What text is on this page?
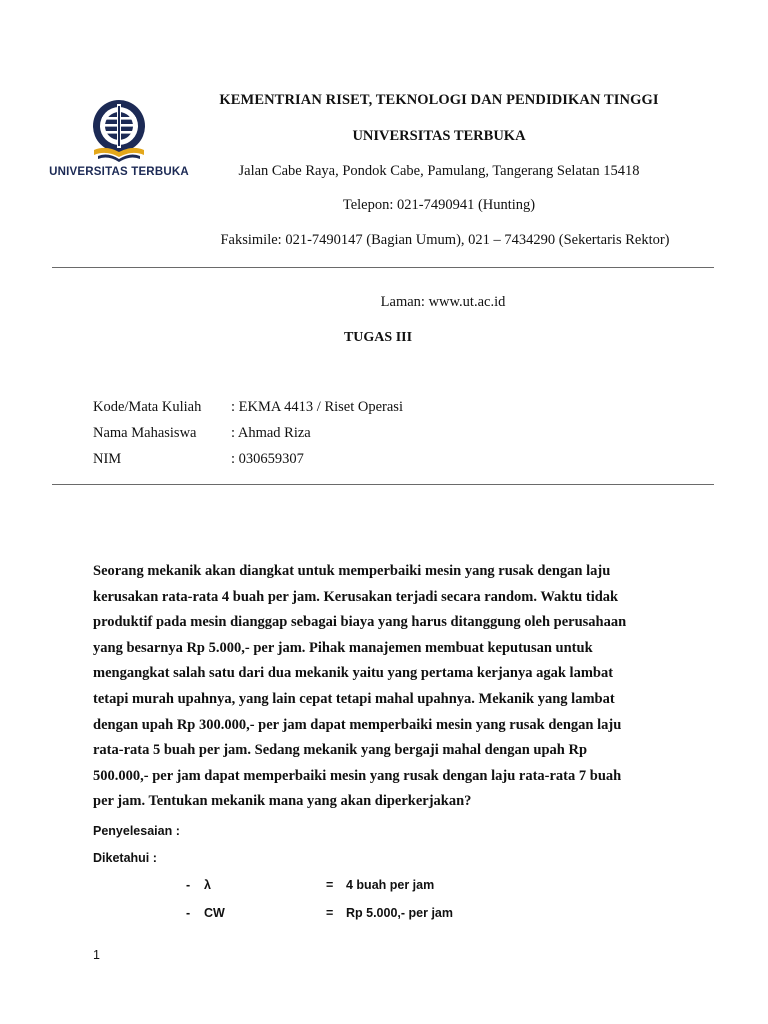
UNIVERSITAS TERBUKA
KEMENTRIAN RISET, TEKNOLOGI DAN PENDIDIKAN TINGGI
UNIVERSITAS TERBUKA
Jalan Cabe Raya, Pondok Cabe, Pamulang, Tangerang Selatan 15418
Telepon: 021-7490941 (Hunting)
Faksimile: 021-7490147 (Bagian Umum), 021 – 7434290 (Sekertaris Rektor)
Laman: www.ut.ac.id
TUGAS III
Kode/Mata Kuliah : EKMA 4413 / Riset Operasi
Nama Mahasiswa : Ahmad Riza
NIM	: 030659307

Seorang mekanik akan diangkat untuk memperbaiki mesin yang rusak dengan laju
kerusakan rata-rata 4 buah per jam. Kerusakan terjadi secara random. Waktu tidak
produktif pada mesin dianggap sebagai biaya yang harus ditanggung oleh perusahaan
yang besarnya Rp 5.000,- per jam. Pihak manajemen membuat keputusan untuk
mengangkat salah satu dari dua mekanik yaitu yang pertama kerjanya agak lambat
tetapi murah upahnya, yang lain cepat tetapi mahal upahnya. Mekanik yang lambat
dengan upah Rp 300.000,- per jam dapat memperbaiki mesin yang rusak dengan laju
rata-rata 5 buah per jam. Sedang mekanik yang bergaji mahal dengan upah Rp
500.000,- per jam dapat memperbaiki mesin yang rusak dengan laju rata-rata 7 buah
per jam. Tentukan mekanik mana yang akan diperkerjakan?

Penyelesaian :
Diketahui :
- λ	= 4 buah per jam
- CW	= Rp 5.000,- per jam
1
